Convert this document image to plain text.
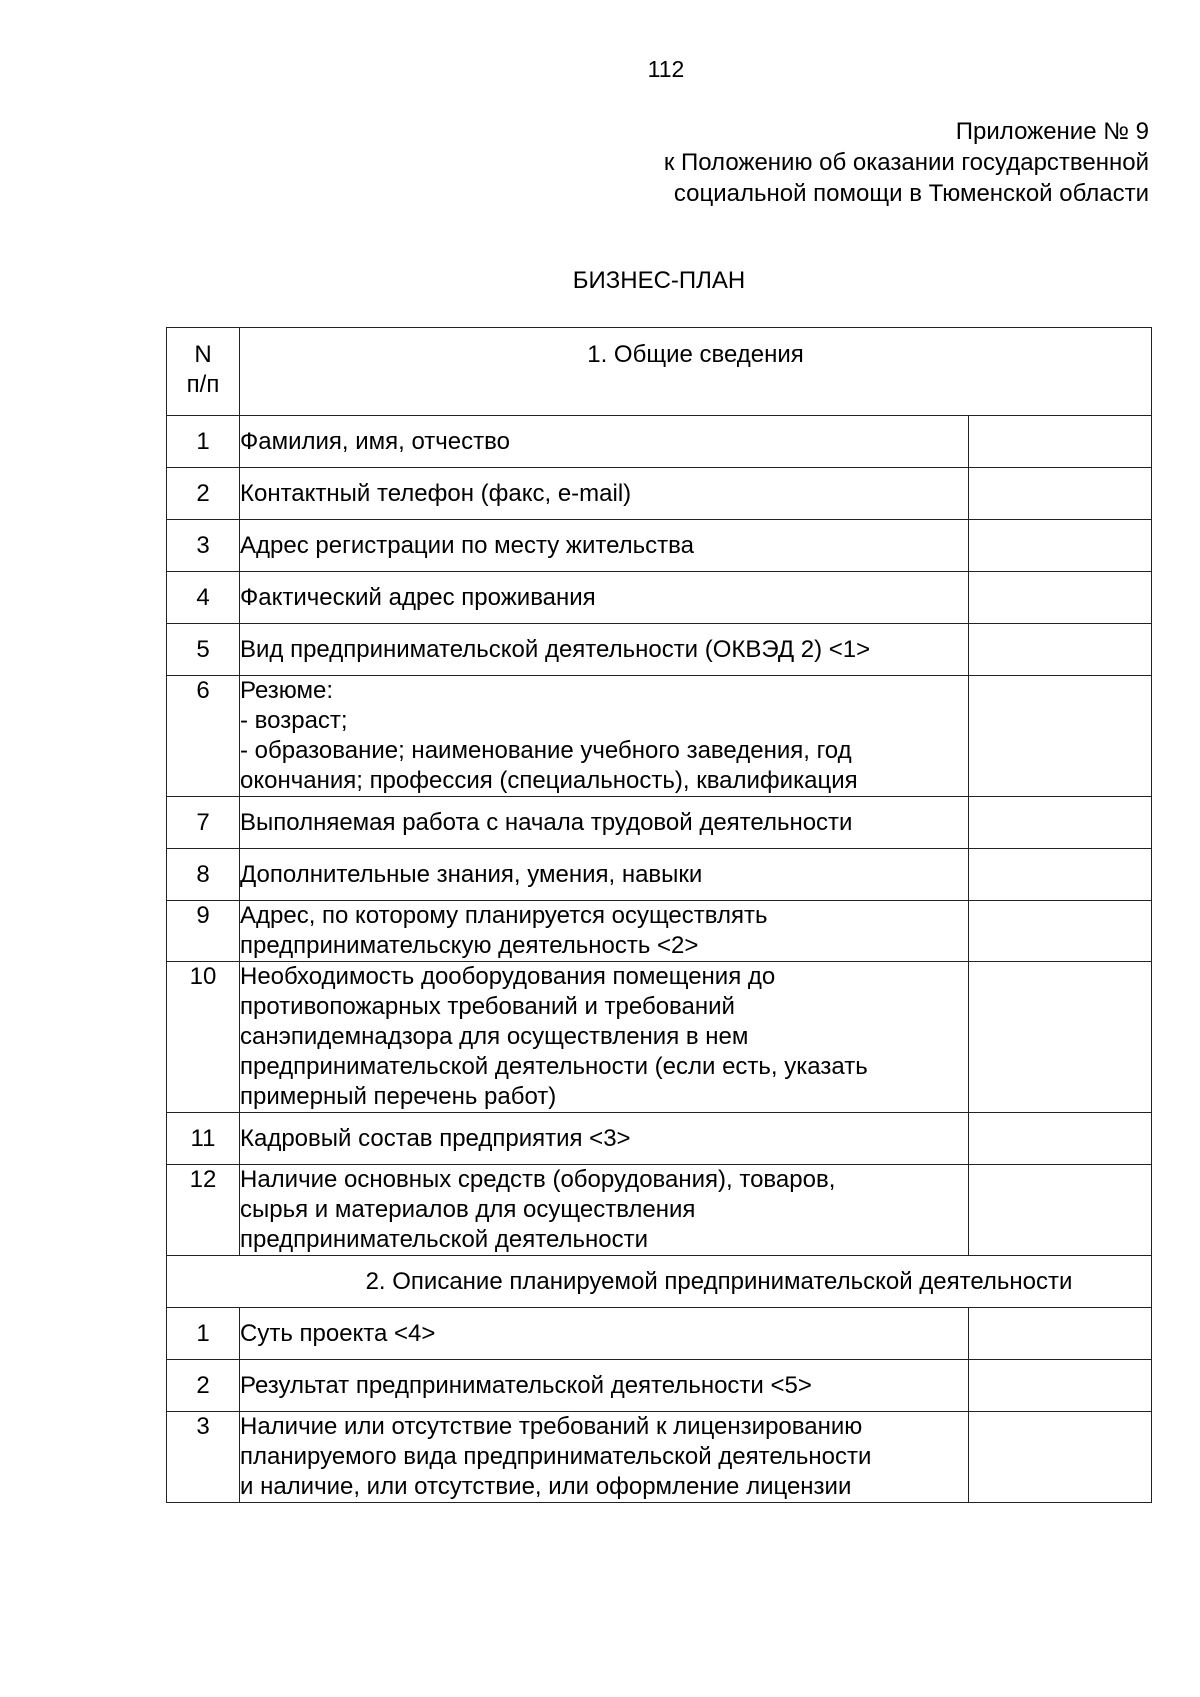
112
Приложение № 9
к Положению об оказании государственной
социальной помощи в Тюменской области
БИЗНЕС-ПЛАН
N
п/п	1. Общие сведения	
1	Фамилия, имя, отчество	
2	Контактный телефон (факс, e-mail)	
3	Адрес регистрации по месту жительства	
4	Фактический адрес проживания	
5	Вид предпринимательской деятельности (ОКВЭД 2) <1>	
6	Резюме:
- возраст;
- образование; наименование учебного заведения, год
окончания; профессия (специальность), квалификация	

7	Выполняемая работа с начала трудовой деятельности	
8	Дополнительные знания, умения, навыки	
9	Адрес, по которому планируется осуществлять
предпринимательскую деятельность <2>	

10	Необходимость дооборудования помещения до
противопожарных требований и требований
санэпидемнадзора для осуществления в нем
предпринимательской деятельности (если есть, указать
примерный перечень работ)	

11	Кадровый состав предприятия <3>	
12	Наличие основных средств (оборудования), товаров,
сырья и материалов для осуществления
предпринимательской деятельности	

2. Описание планируемой предпринимательской деятельности		
1	Суть проекта <4>	
2	Результат предпринимательской деятельности <5>	
3	Наличие или отсутствие требований к лицензированию
планируемого вида предпринимательской деятельности
и наличие, или отсутствие, или оформление лицензии	
